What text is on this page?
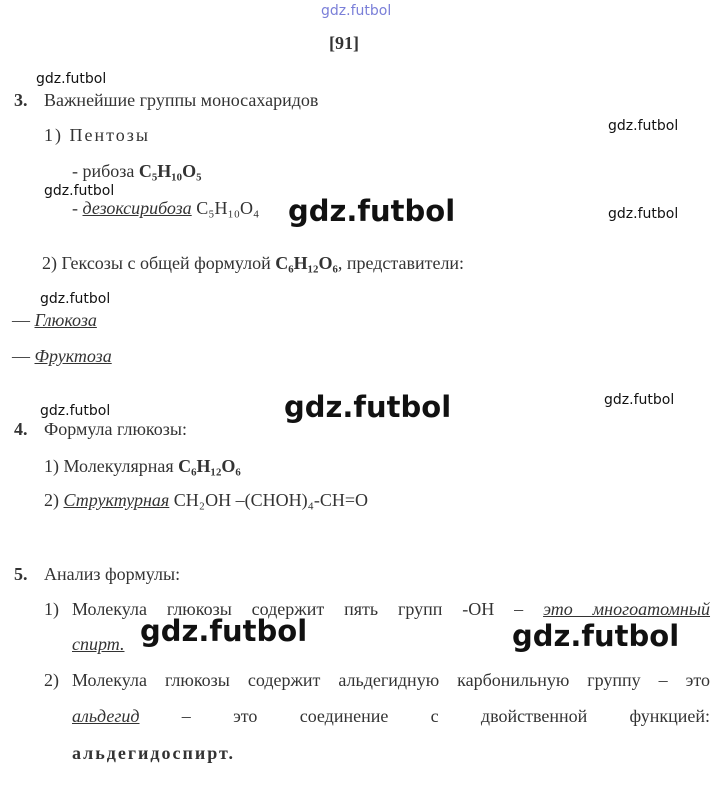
gdz.futbol
gdz.futbol
gdz.futbol
gdz.futbol
gdz.futbol
gdz.futbol
gdz.futbol
gdz.futbol
[91]
3. Важнейшие группы моносахаридов
1) Пентозы
- рибоза C₅H₁₀O₅
- дезоксирибоза C₅H₁₀O₄ gdz.futbol
2) Гексозы с общей формулой C₆H₁₂O₆, представители:
— Глюкоза
— Фруктоза
gdz.futbol
4. Формула глюкозы:
1) Молекулярная C₆H₁₂O₆
2) Структурная CH₂OH –(CHOH)₄-CH=O
5. Анализ формулы:
1) Молекула глюкозы содержит пять групп -OH – это многоатомный
спирт. gdz.futbol	gdz.futbol
2) Молекула глюкозы содержит альдегидную карбонильную группу – это
альдегид – это соединение с двойственной функцией:
альдегидоспирт.
